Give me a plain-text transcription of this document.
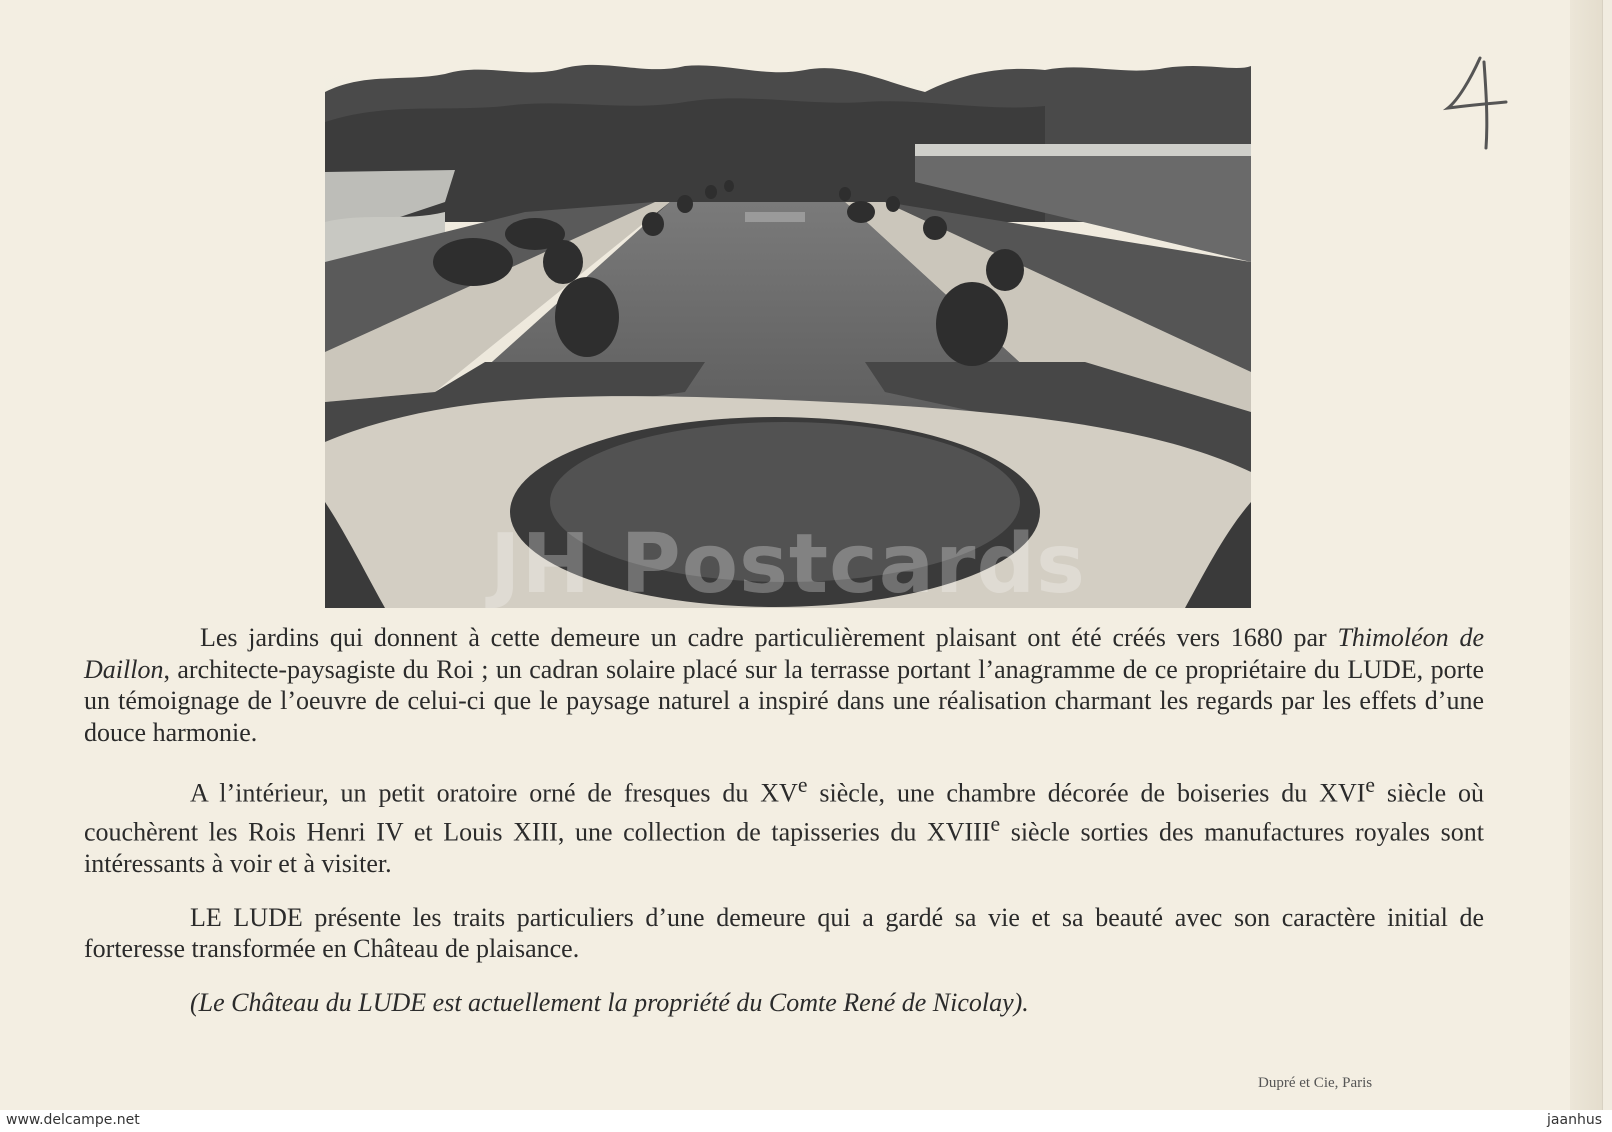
JH Postcards

Les jardins qui donnent à cette demeure un cadre particulièrement plaisant ont été créés vers 1680 par Thimoléon de Daillon, architecte-paysagiste du Roi ; un cadran solaire placé sur la terrasse portant l’anagramme de ce propriétaire du LUDE, porte un témoignage de l’oeuvre de celui-ci que le paysage naturel a inspiré dans une réalisation charmant les regards par les effets d’une douce harmonie.

A l’intérieur, un petit oratoire orné de fresques du XVe siècle, une chambre décorée de boiseries du XVIe siècle où couchèrent les Rois Henri IV et Louis XIII, une collection de tapisseries du XVIIIe siècle sorties des manufactures royales sont intéressants à voir et à visiter.

LE LUDE présente les traits particuliers d’une demeure qui a gardé sa vie et sa beauté avec son caractère initial de forteresse transformée en Château de plaisance.

(Le Château du LUDE est actuellement la propriété du Comte René de Nicolay).

Dupré et Cie, Paris
www.delcampe.net	jaanhus
